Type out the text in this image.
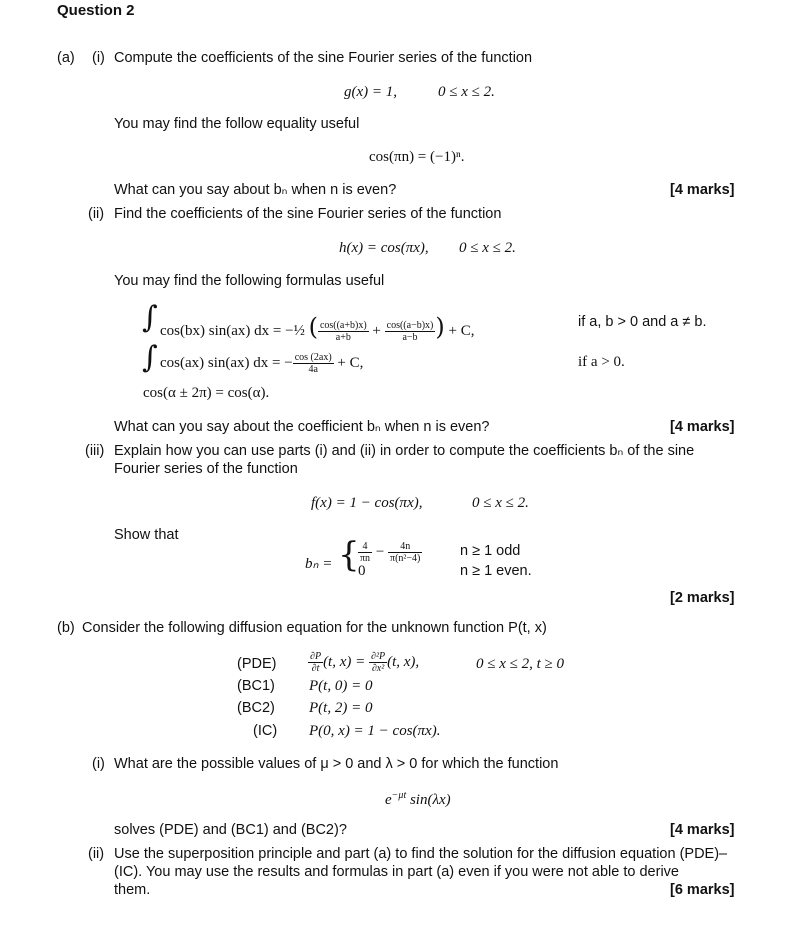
Question 2
(a) (i) Compute the coefficients of the sine Fourier series of the function
g(x) = 1,	0 ≤ x ≤ 2.
You may find the follow equality useful
cos(πn) = (−1)ⁿ.
What can you say about bₙ when n is even?	[4 marks]
(ii) Find the coefficients of the sine Fourier series of the function
h(x) = cos(πx), 0 ≤ x ≤ 2.
You may find the following formulas useful
∫ cos(bx) sin(ax) dx = −½ ( $\frac{\cos((a+b)x)}{a+b} + \frac{\cos((a-b)x)}{a-b}$ ) + C,
if a, b > 0 and a ≠ b.
∫ cos(ax) sin(ax) dx = − $\frac{\cos (2ax)}{4a} + C$,	if a > 0.
cos(α ± 2π) = cos(α).
What can you say about the coefficient bₙ when n is even?	[4 marks]
(iii) Explain how you can use parts (i) and (ii) in order to compute the coefficients bₙ of the sine
Fourier series of the function
f(x) = 1 − cos(πx),	0 ≤ x ≤ 2.
Show that
bₙ = {
$\frac{4}{\pi n} - \frac{4n}{\text{π(n²−4)}}$	n ≥ 1 odd
0	n ≥ 1 even.
[2 marks]
(b) Consider the following diffusion equation for the unknown function P(t, x)
(PDE)	$\frac{\partial P}{\partial t} (t$, $x) = \frac{\text{∂²P}}{\text{∂x²}} (t$, x),	0 ≤ x ≤ 2, t ≥ 0
(BC1) P(t, 0) = 0
(BC2) P(t, 2) = 0
(IC) P(0, x) = 1 − cos(πx).
(i) What are the possible values of μ > 0 and λ > 0 for which the function
$e^{-\mu t}$ sin(λx)
solves (PDE) and (BC1) and (BC2)?	[4 marks]
(ii) Use the superposition principle and part (a) to find the solution for the diffusion equation (PDE)–
(IC). You may use the results and formulas in part (a) even if you were not able to derive
them.	[6 marks]
